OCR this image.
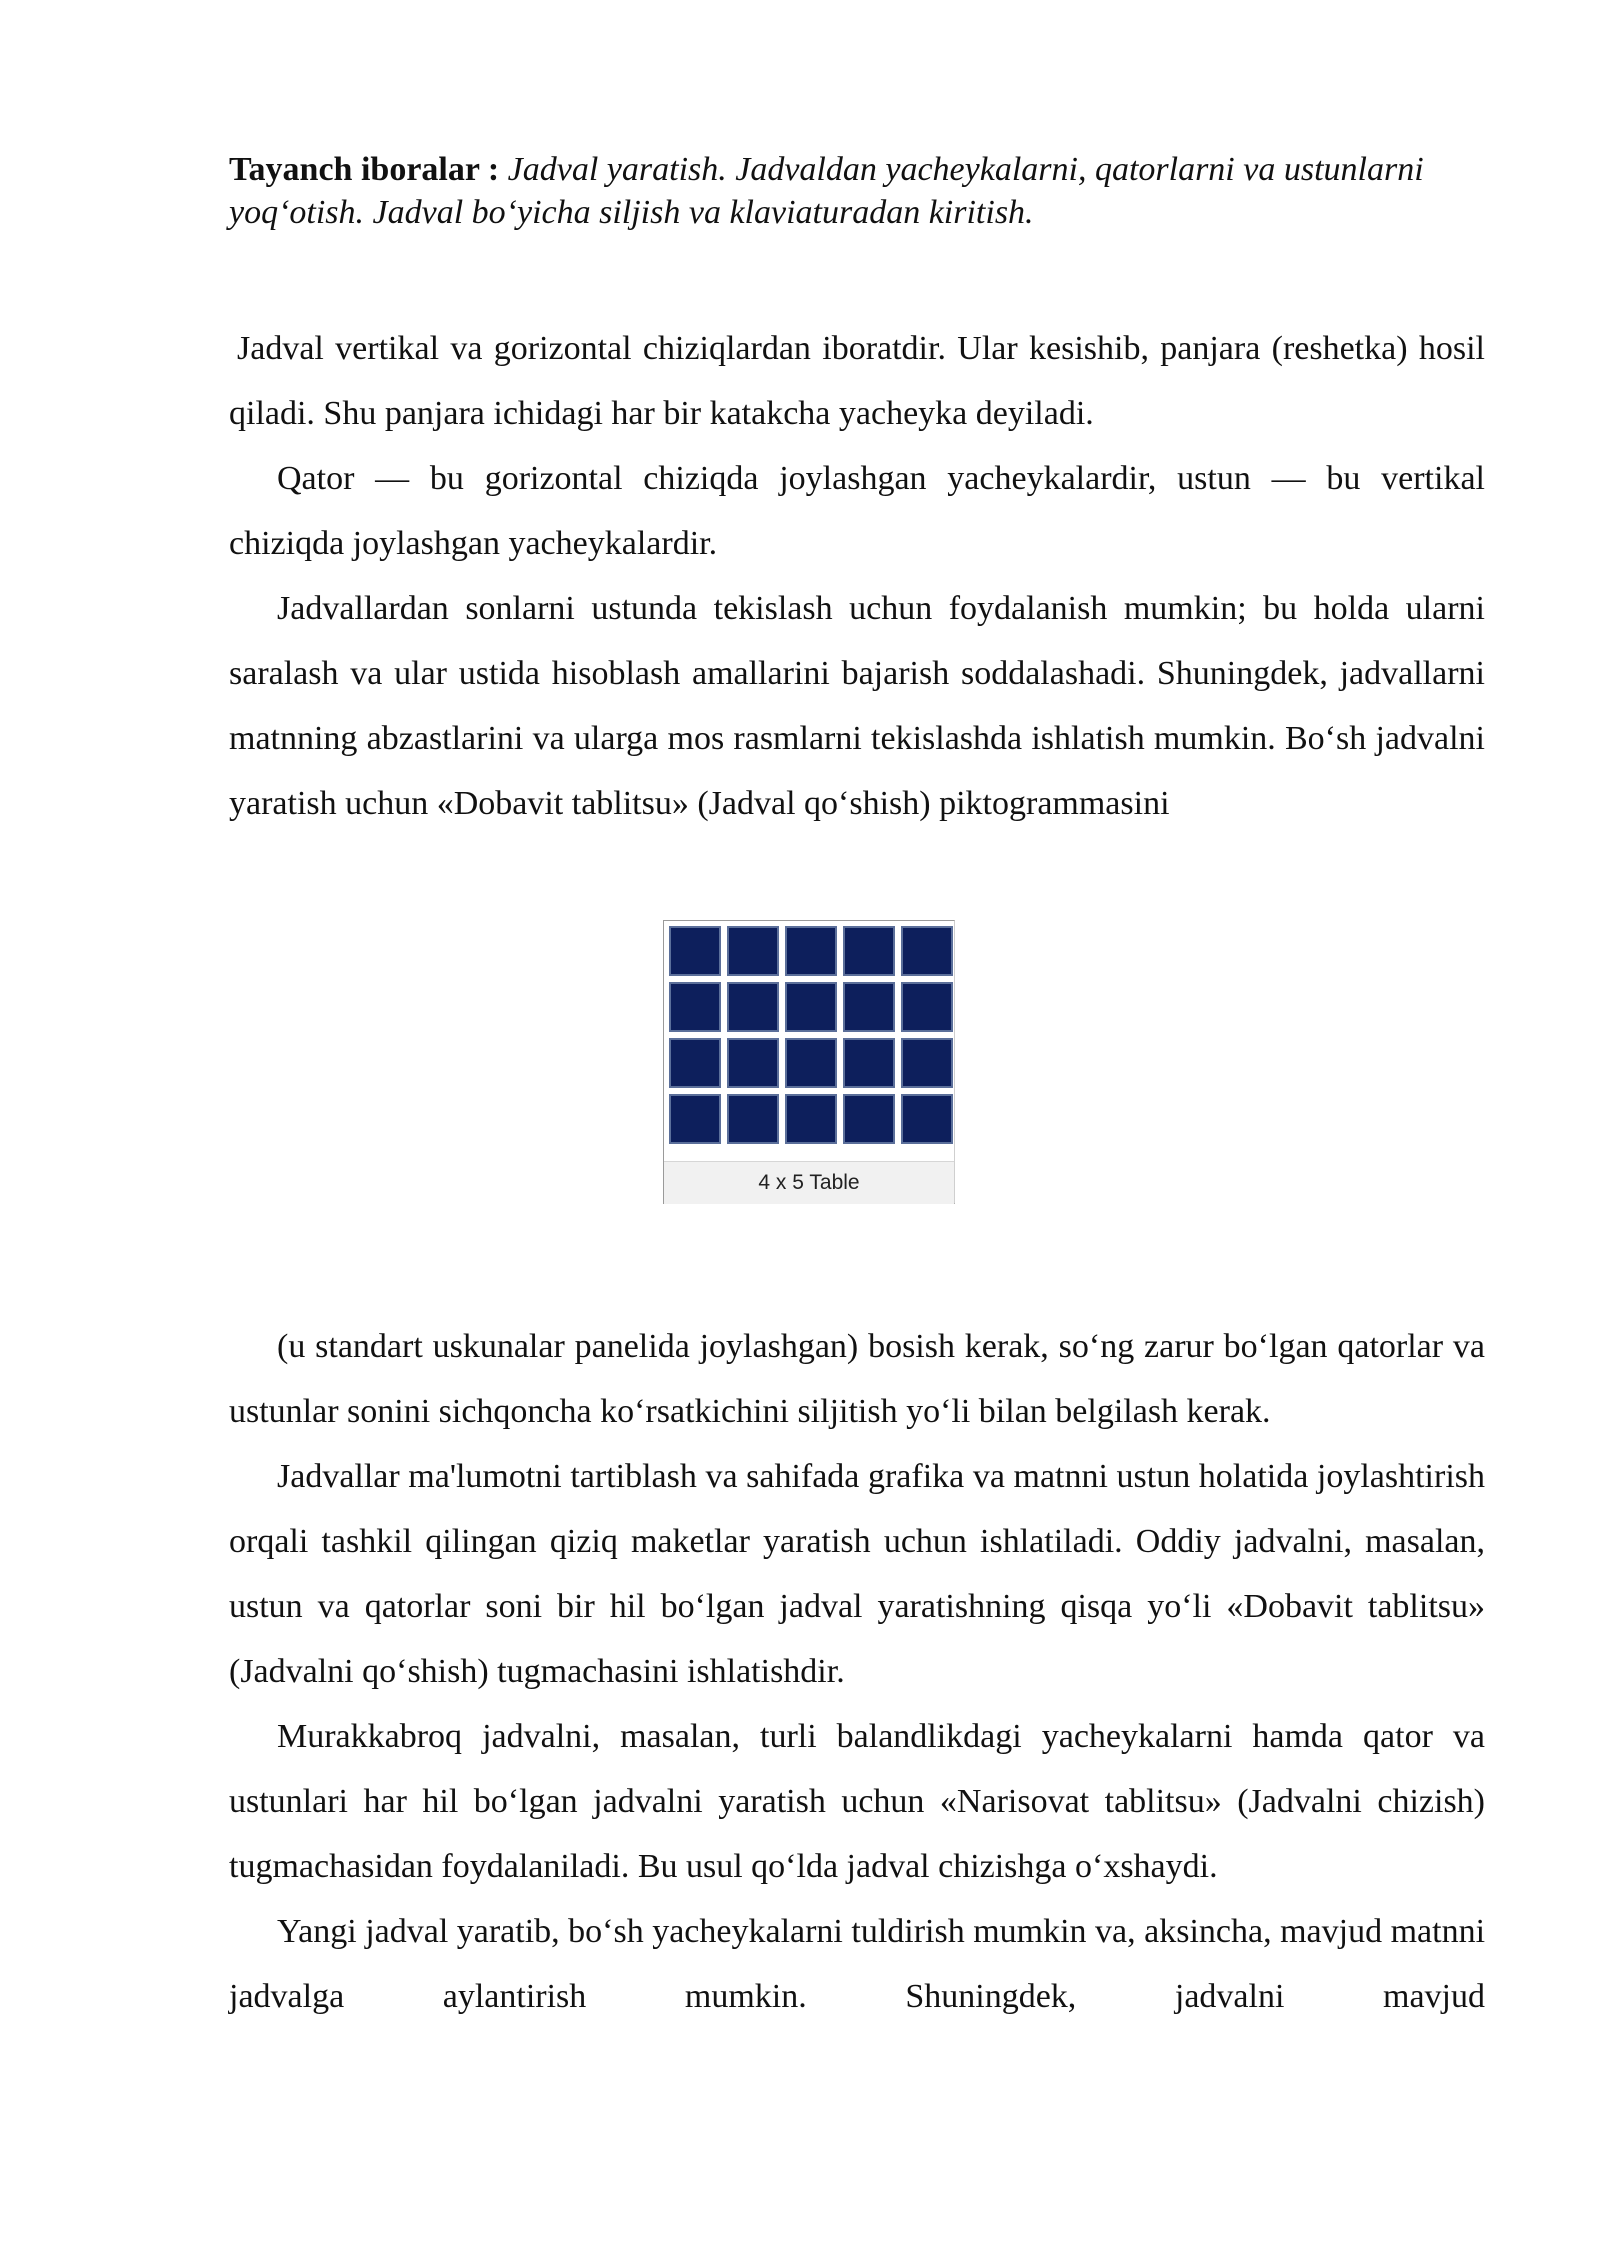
Tayanch iboralar : Jadval yaratish. Jadvaldan yacheykalarni, qatorlarni va ustunlarni yoq‘otish. Jadval bo‘yicha siljish va klaviaturadan kiritish.

Jadval vertikal va gorizontal chiziqlardan iboratdir. Ular kesishib, panjara (reshetka) hosil qiladi. Shu panjara ichidagi har bir katakcha yacheyka deyiladi.

Qator — bu gorizontal chiziqda joylashgan yacheykalardir, ustun — bu vertikal chiziqda joylashgan yacheykalardir.

Jadvallardan sonlarni ustunda tekislash uchun foydalanish mumkin; bu holda ularni saralash va ular ustida hisoblash amallarini bajarish soddalashadi. Shuningdek, jadvallarni matnning abzastlarini va ularga mos rasmlarni tekislashda ishlatish mumkin. Bo‘sh jadvalni yaratish uchun «Dobavit tablitsu» (Jadval qo‘shish) piktogrammasini

4 x 5 Table

(u standart uskunalar panelida joylashgan) bosish kerak, so‘ng zarur bo‘lgan qatorlar va ustunlar sonini sichqoncha ko‘rsatkichini siljitish yo‘li bilan belgilash kerak.

Jadvallar ma'lumotni tartiblash va sahifada grafika va matnni ustun holatida joylashtirish orqali tashkil qilingan qiziq maketlar yaratish uchun ishlatiladi. Oddiy jadvalni, masalan, ustun va qatorlar soni bir hil bo‘lgan jadval yaratishning qisqa yo‘li «Dobavit tablitsu» (Jadvalni qo‘shish) tugmachasini ishlatishdir.

Murakkabroq jadvalni, masalan, turli balandlikdagi yacheykalarni hamda qator va ustunlari har hil bo‘lgan jadvalni yaratish uchun «Narisovat tablitsu» (Jadvalni chizish) tugmachasidan foydalaniladi. Bu usul qo‘lda jadval chizishga o‘xshaydi.

Yangi jadval yaratib, bo‘sh yacheykalarni tuldirish mumkin va, aksincha, mavjud matnni jadvalga aylantirish mumkin. Shuningdek, jadvalni mavjud
